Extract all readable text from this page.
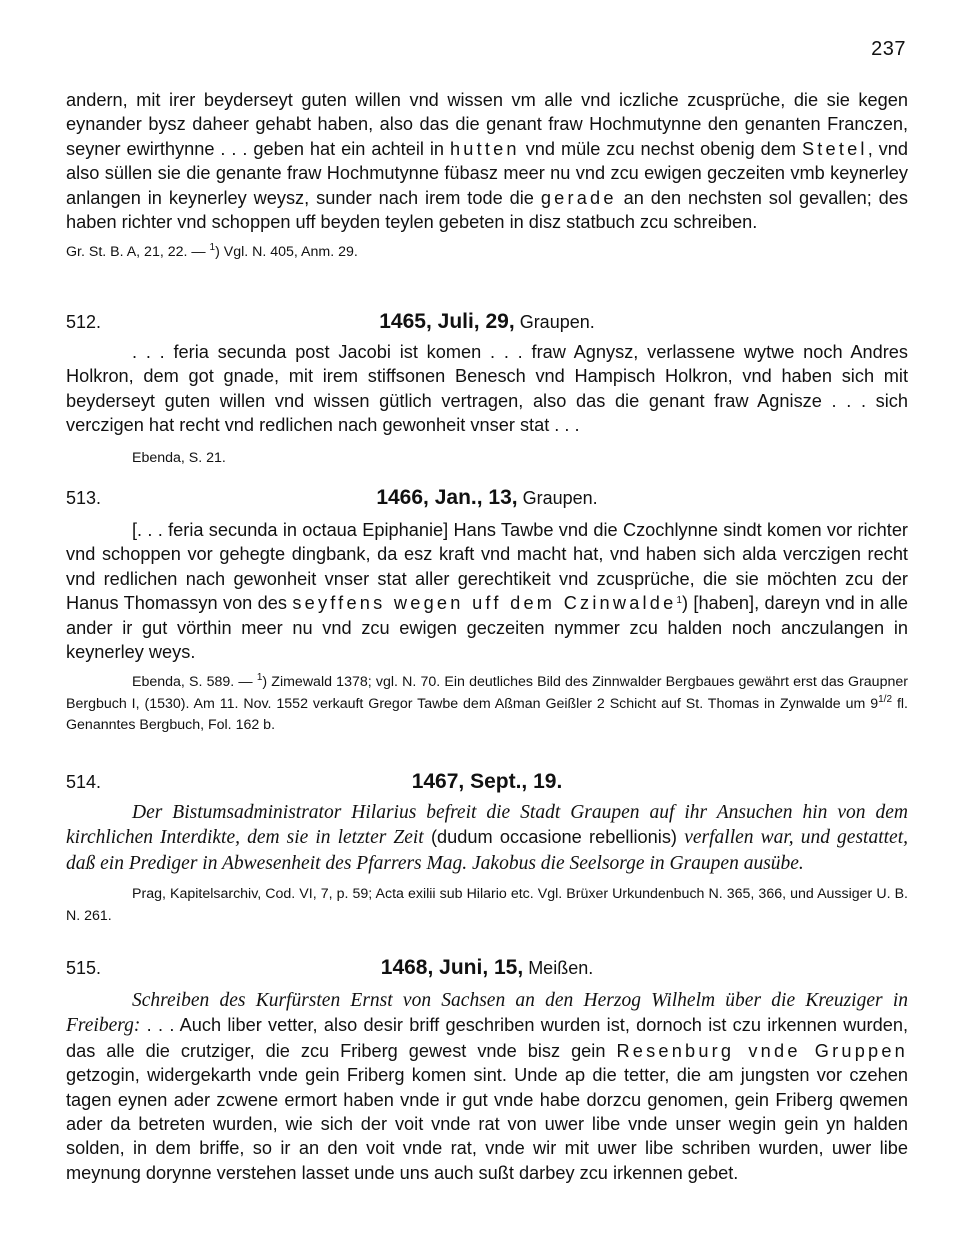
237

andern, mit irer beyderseyt guten willen vnd wissen vm alle vnd iczliche zcusprüche, die sie kegen eynander bysz daheer gehabt haben, also das die genant fraw Hochmutynne den genanten Franczen, seyner ewirthynne . . . geben hat ein achteil in hutten vnd müle zcu nechst obenig dem Stetel, vnd also süllen sie die genante fraw Hochmutynne fübasz meer nu vnd zcu ewigen geczeiten vmb keynerley anlangen in keynerley weysz, sunder nach irem tode die gerade an den nechsten sol gevallen; des haben richter vnd schoppen uff beyden teylen gebeten in disz statbuch zcu schreiben.

Gr. St. B. A, 21, 22. — $^1$) Vgl. N. 405, Anm. 29.

512.	1465, Juli, 29, Graupen.

. . . feria secunda post Jacobi ist komen . . . fraw Agnysz, verlassene wytwe noch Andres Holkron, dem got gnade, mit irem stiffsonen Benesch vnd Hampisch Holkron, vnd haben sich mit beyderseyt guten willen vnd wissen gütlich vertragen, also das die genant fraw Agnisze . . . sich verczigen hat recht vnd redlichen nach gewonheit vnser stat . . .

Ebenda, S. 21.

513.	1466, Jan., 13, Graupen.

[. . . feria secunda in octaua Epiphanie] Hans Tawbe vnd die Czochlynne sindt komen vor richter vnd schoppen vor gehegte dingbank, da esz kraft vnd macht hat, vnd haben sich alda verczigen recht vnd redlichen nach gewonheit vnser stat aller gerechtikeit vnd zcusprüche, die sie möchten zcu der Hanus Thomassyn von des seyffens wegen uff dem Czinwalde$^1$) [haben], dareyn vnd in alle ander ir gut vörthin meer nu vnd zcu ewigen geczeiten nymmer zcu halden noch anczulangen in keynerley weys.

Ebenda, S. 589. — $^1$) Zimewald 1378; vgl. N. 70. Ein deutliches Bild des Zinnwalder Bergbaues gewährt erst das Graupner Bergbuch I, (1530). Am 11. Nov. 1552 verkauft Gregor Tawbe dem Aßman Geißler 2 Schicht auf St. Thomas in Zynwalde um $9^{1/2}$ fl. Genanntes Bergbuch, Fol. 162 b.

514.	1467, Sept., 19.

Der Bistumsadministrator Hilarius befreit die Stadt Graupen auf ihr Ansuchen hin von dem kirchlichen Interdikte, dem sie in letzter Zeit (dudum occasione rebellionis) verfallen war, und gestattet, daß ein Prediger in Abwesenheit des Pfarrers Mag. Jakobus die Seelsorge in Graupen ausübe.

Prag, Kapitelsarchiv, Cod. VI, 7, p. 59; Acta exilii sub Hilario etc. Vgl. Brüxer Urkundenbuch N. 365, 366, und Aussiger U. B. N. 261.

515.	1468, Juni, 15, Meißen.

Schreiben des Kurfürsten Ernst von Sachsen an den Herzog Wilhelm über die Kreuziger in Freiberg: . . . Auch liber vetter, also desir briff geschriben wurden ist, dornoch ist czu irkennen wurden, das alle die crutziger, die zcu Friberg gewest vnde bisz gein Resenburg vnde Gruppen getzogin, widergekarth vnde gein Friberg komen sint. Unde ap die tetter, die am jungsten vor czehen tagen eynen ader zcwene ermort haben vnde ir gut vnde habe dorzcu genomen, gein Friberg qwemen ader da betreten wurden, wie sich der voit vnde rat von uwer libe vnde unser wegin gein yn halden solden, in dem briffe, so ir an den voit vnde rat, vnde wir mit uwer libe schriben wurden, uwer libe meynung dorynne verstehen lasset unde uns auch sußt darbey zcu irkennen gebet.
